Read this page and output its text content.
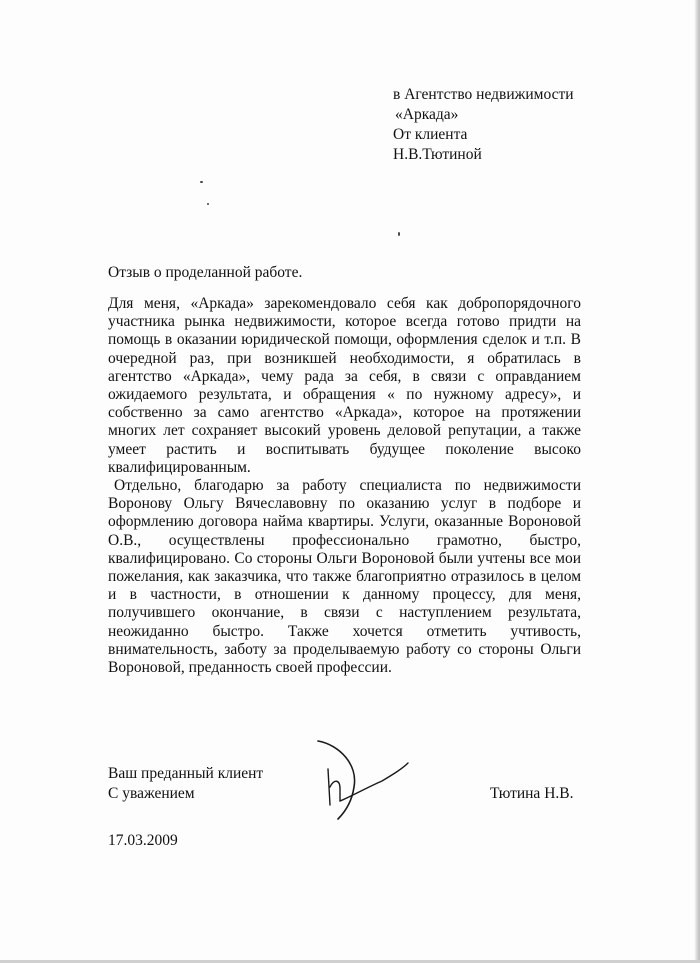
в Агентство недвижимости
«Аркада»
От клиента
Н.В.Тютиной
Отзыв о проделанной работе.

Для меня, «Аркада» зарекомендовало себя как добропорядочного участника рынка недвижимости, которое всегда готово придти на помощь в оказании юридической помощи, оформления сделок и т.п. В очередной раз, при возникшей необходимости, я обратилась в агентство «Аркада», чему рада за себя, в связи с оправданием ожидаемого результата, и обращения « по нужному адресу», и собственно за само агентство «Аркада», которое на протяжении многих лет сохраняет высокий уровень деловой репутации, а также умеет растить и воспитывать будущее поколение высоко квалифицированным.

Отдельно, благодарю за работу специалиста по недвижимости Воронову Ольгу Вячеславовну по оказанию услуг в подборе и оформлению договора найма квартиры. Услуги, оказанные Вороновой О.В., осуществлены профессионально грамотно, быстро, квалифицировано. Со стороны Ольги Вороновой были учтены все мои пожелания, как заказчика, что также благоприятно отразилось в целом и в частности, в отношении к данному процессу, для меня, получившего окончание, в связи с наступлением результата, неожиданно быстро. Также хочется отметить учтивость, внимательность, заботу за проделываемую работу со стороны Ольги Вороновой, преданность своей профессии.

Ваш преданный клиент
С уважением	Тютина Н.В.
17.03.2009
